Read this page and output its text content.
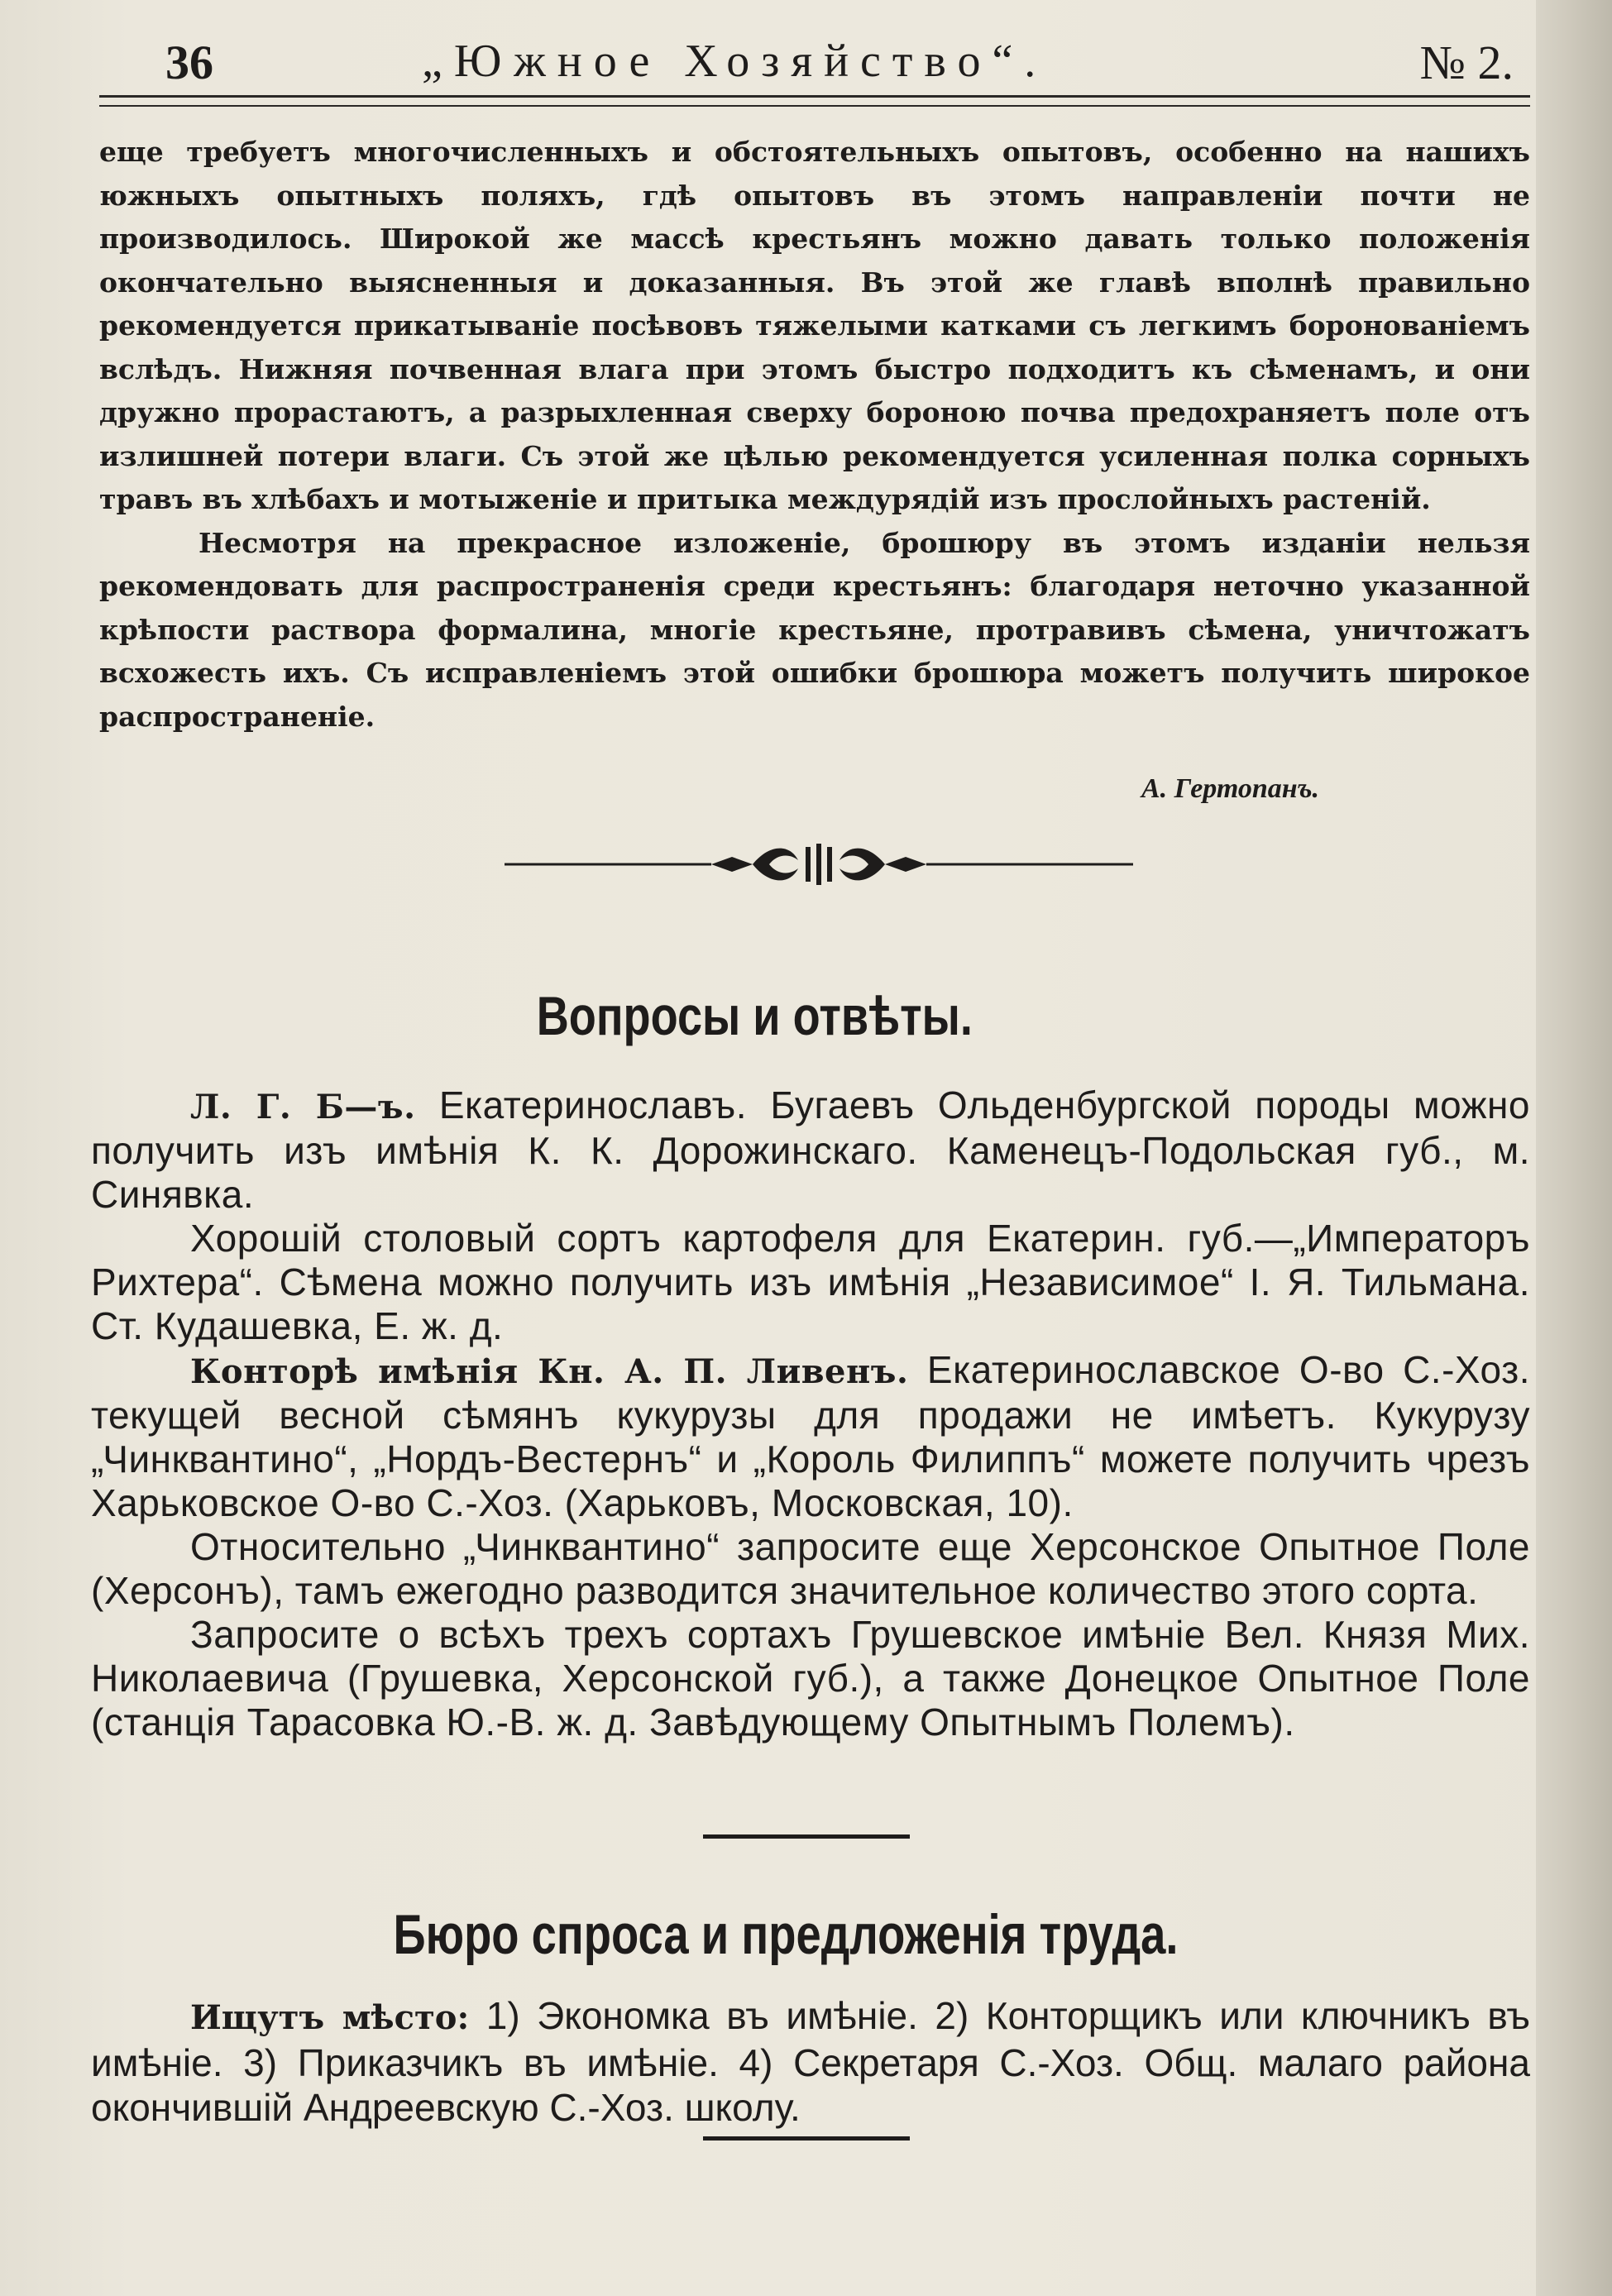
36	„Южное Хозяйство“.	№ 2.

еще требуетъ многочисленныхъ и обстоятельныхъ опытовъ, особенно на нашихъ южныхъ опытныхъ поляхъ, гдѣ опытовъ въ этомъ направленіи почти не производилось. Широкой же массѣ крестьянъ можно давать только положенія окончательно выясненныя и доказанныя. Въ этой же главѣ вполнѣ правильно рекомендуется прикатываніе посѣвовъ тяжелыми катками съ легкимъ боронованіемъ вслѣдъ. Нижняя почвенная влага при этомъ быстро подходитъ къ сѣменамъ, и они дружно прорастаютъ, а разрыхленная сверху бороною почва предохраняетъ поле отъ излишней потери влаги. Съ этой же цѣлью рекомендуется усиленная полка сорныхъ травъ въ хлѣбахъ и мотыженіе и притыка междурядій изъ прослойныхъ растеній.

Несмотря на прекрасное изложеніе, брошюру въ этомъ изданіи нельзя рекомендовать для распространенія среди крестьянъ: благодаря неточно указанной крѣпости раствора формалина, многіе крестьяне, протравивъ сѣмена, уничтожатъ всхожесть ихъ. Съ исправленіемъ этой ошибки брошюра можетъ получить широкое распространеніе.

А. Гертопанъ.
Вопросы и отвѣты.

Л. Г. Б—ъ. Екатеринославъ. Бугаевъ Ольденбургской породы можно получить изъ имѣнія К. К. Дорожинскаго. Каменецъ-Подольская губ., м. Синявка.

Хорошій столовый сортъ картофеля для Екатерин. губ.—„Императоръ Рихтера“. Сѣмена можно получить изъ имѣнія „Независимое“ І. Я. Тильмана. Ст. Кудашевка, Е. ж. д.

Конторѣ имѣнія Кн. А. П. Ливенъ. Екатеринославское О-во С.-Хоз. текущей весной сѣмянъ кукурузы для продажи не имѣетъ. Кукурузу „Чинквантино“, „Нордъ-Вестернъ“ и „Король Филиппъ“ можете получить чрезъ Харьковское О-во С.-Хоз. (Харьковъ, Московская, 10).

Относительно „Чинквантино“ запросите еще Херсонское Опытное Поле (Херсонъ), тамъ ежегодно разводится значительное количество этого сорта.

Запросите о всѣхъ трехъ сортахъ Грушевское имѣніе Вел. Князя Мих. Николаевича (Грушевка, Херсонской губ.), а также Донецкое Опытное Поле (станція Тарасовка Ю.-В. ж. д. Завѣдующему Опытнымъ Полемъ).

Бюро спроса и предложенія труда.

Ищутъ мѣсто: 1) Экономка въ имѣніе. 2) Конторщикъ или ключникъ въ имѣніе. 3) Приказчикъ въ имѣніе. 4) Секретаря С.-Хоз. Общ. малаго района окончившій Андреевскую С.-Хоз. школу.
